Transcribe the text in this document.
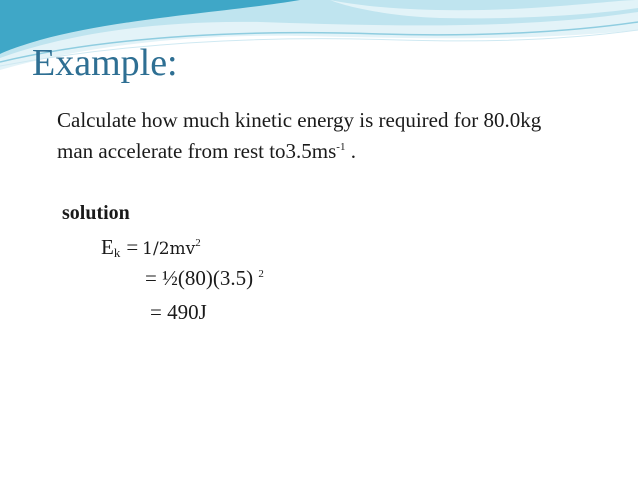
Example:
Calculate how much kinetic energy is required for 80.0kg
man accelerate from rest $to3.5ms^{-1}$ .
solution
$E_k = 1/2mv^2$
= ½(80)(3.5) $^2$
= 490J
